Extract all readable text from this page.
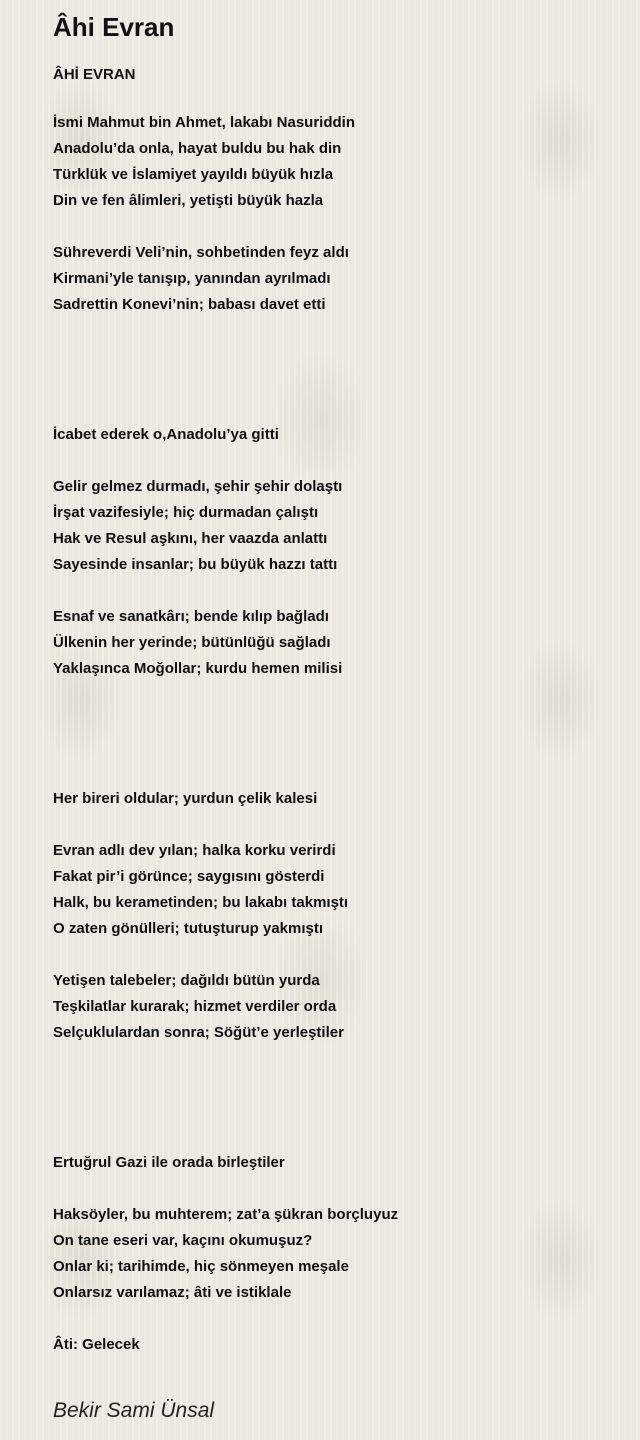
Âhi Evran
ÂHİ EVRAN
İsmi Mahmut bin Ahmet, lakabı Nasuriddin
Anadolu’da onla, hayat buldu bu hak din
Türklük ve İslamiyet yayıldı büyük hızla
Din ve fen âlimleri, yetişti büyük hazla
Sühreverdi Veli’nin, sohbetinden feyz aldı
Kirmani’yle tanışıp, yanından ayrılmadı
Sadrettin Konevi’nin; babası davet etti
İcabet ederek o,Anadolu’ya gitti
Gelir gelmez durmadı, şehir şehir dolaştı
İrşat vazifesiyle; hiç durmadan çalıştı
Hak ve Resul aşkını, her vaazda anlattı
Sayesinde insanlar; bu büyük hazzı tattı
Esnaf ve sanatkârı; bende kılıp bağladı
Ülkenin her yerinde; bütünlüğü sağladı
Yaklaşınca Moğollar; kurdu hemen milisi
Her bireri oldular; yurdun çelik kalesi
Evran adlı dev yılan; halka korku verirdi
Fakat pir’i görünce; saygısını gösterdi
Halk, bu kerametinden; bu lakabı takmıştı
O zaten gönülleri; tutuşturup yakmıştı
Yetişen talebeler; dağıldı bütün yurda
Teşkilatlar kurarak; hizmet verdiler orda
Selçuklulardan sonra; Söğüt’e yerleştiler
Ertuğrul Gazi ile orada birleştiler
Haksöyler, bu muhterem; zat’a şükran borçluyuz
On tane eseri var, kaçını okumuşuz?
Onlar ki; tarihimde, hiç sönmeyen meşale
Onlarsız varılamaz; âti ve istiklale
Âti: Gelecek
Bekir Sami Ünsal
